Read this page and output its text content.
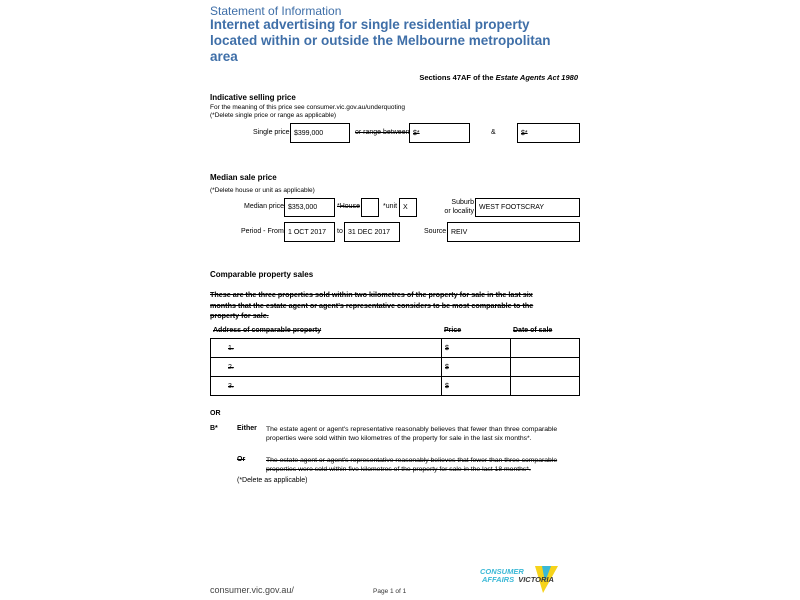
Statement of Information
Internet advertising for single residential property
located within or outside the Melbourne metropolitan
area
Sections 47AF of the Estate Agents Act 1980
Indicative selling price
For the meaning of this price see consumer.vic.gov.au/underquoting
(*Delete single price or range as applicable)
Single price $399,000	or range between $*	&	$*
Median sale price
(*Delete house or unit as applicable)
Median price $353,000	*House	*unit X
Suburb
or locality
WEST FOOTSCRAY
Period - From 1 OCT 2017 to 31 DEC 2017	Source REIV
Comparable property sales
These are the three properties sold within two kilometres of the property for sale in the last six
months that the estate agent or agent's representative considers to be most comparable to the
property for sale.
Address of comparable property	Price	Date of sale
1.	$	
2.	$	
3.	$	
OR
B*	Either The estate agent or agent's representative reasonably believes that fewer than three comparable
properties were sold within two kilometres of the property for sale in the last six months*.
Or	The estate agent or agent's representative reasonably believes that fewer than three comparable
properties were sold within five kilometres of the property for sale in the last 18 months*.
(*Delete as applicable)
consumer.vic.gov.au/	Page 1 of 1
CONSUMER
AFFAIRS VICTORIA
